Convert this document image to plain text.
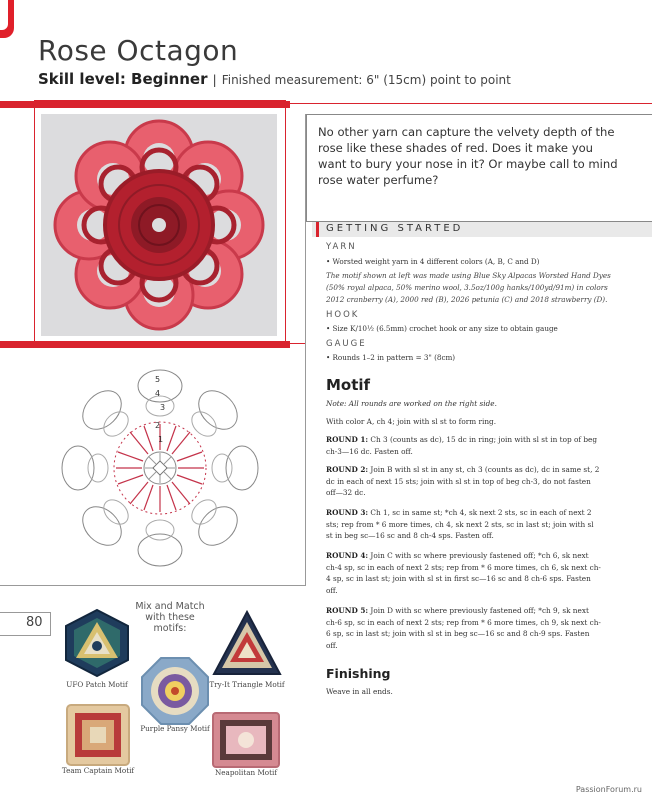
Rose Octagon
Skill level: Beginner | Finished measurement: 6" (15cm) point to point
5
4
3
2
1
No other yarn can capture the velvety depth of the rose like these shades of red. Does it make you want to bury your nose in it? Or maybe call to mind rose water perfume?
GETTING STARTED
YARN
• Worsted weight yarn in 4 different colors (A, B, C and D)
The motif shown at left was made using Blue Sky Alpacas Worsted Hand Dyes
(50% royal alpaca, 50% merino wool, 3.5oz/100g hanks/100yd/91m) in colors
2012 cranberry (A), 2000 red (B), 2026 petunia (C) and 2018 strawberry (D).
HOOK
• Size K/10½ (6.5mm) crochet hook or any size to obtain gauge
GAUGE
• Rounds 1–2 in pattern = 3" (8cm)
Motif
Note: All rounds are worked on the right side.
With color A, ch 4; join with sl st to form ring.
ROUND 1: Ch 3 (counts as dc), 15 dc in ring; join with sl st in top of beg ch-3—16 dc. Fasten off.
ROUND 2: Join B with sl st in any st, ch 3 (counts as dc), dc in same st, 2 dc in each of next 15 sts; join with sl st in top of beg ch-3, do not fasten off—32 dc.
ROUND 3: Ch 1, sc in same st; *ch 4, sk next 2 sts, sc in each of next 2 sts; rep from * 6 more times, ch 4, sk next 2 sts, sc in last st; join with sl st in beg sc—16 sc and 8 ch-4 sps. Fasten off.
ROUND 4: Join C with sc where previously fastened off; *ch 6, sk next ch-4 sp, sc in each of next 2 sts; rep from * 6 more times, ch 6, sk next ch-4 sp, sc in last st; join with sl st in first sc—16 sc and 8 ch-6 sps. Fasten off.
ROUND 5: Join D with sc where previously fastened off; *ch 9, sk next ch-6 sp, sc in each of next 2 sts; rep from * 6 more times, ch 9, sk next ch-6 sp, sc in last st; join with sl st in beg sc—16 sc and 8 ch-9 sps. Fasten off.
Finishing
Weave in all ends.
80
Mix and Match with these motifs:
UFO Patch Motif	Try-It Triangle Motif
Purple Pansy Motif
Team Captain Motif	Neapolitan Motif
PassionForum.ru
